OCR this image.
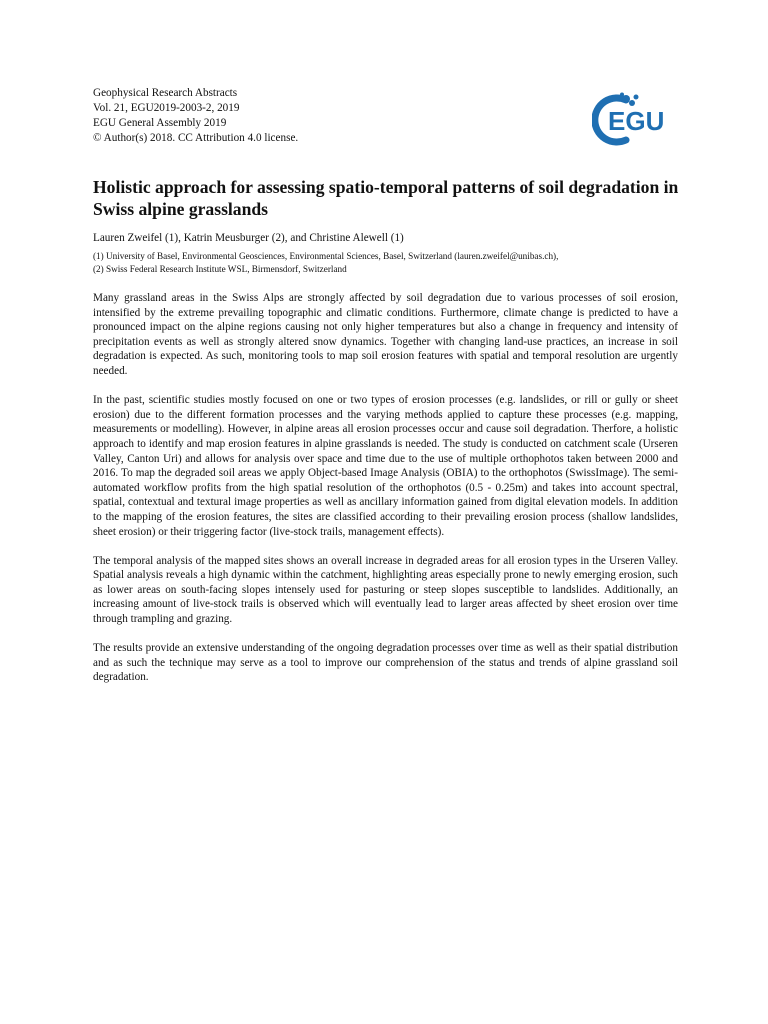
Geophysical Research Abstracts
Vol. 21, EGU2019-2003-2, 2019
EGU General Assembly 2019
© Author(s) 2018. CC Attribution 4.0 license.
EGU
Holistic approach for assessing spatio-temporal patterns of soil degradation in Swiss alpine grasslands
Lauren Zweifel (1), Katrin Meusburger (2), and Christine Alewell (1)
(1) University of Basel, Environmental Geosciences, Environmental Sciences, Basel, Switzerland (lauren.zweifel@unibas.ch),
(2) Swiss Federal Research Institute WSL, Birmensdorf, Switzerland

Many grassland areas in the Swiss Alps are strongly affected by soil degradation due to various processes of soil erosion, intensified by the extreme prevailing topographic and climatic conditions. Furthermore, climate change is predicted to have a pronounced impact on the alpine regions causing not only higher temperatures but also a change in frequency and intensity of precipitation events as well as strongly altered snow dynamics. Together with changing land-use practices, an increase in soil degradation is expected. As such, monitoring tools to map soil erosion features with spatial and temporal resolution are urgently needed.

In the past, scientific studies mostly focused on one or two types of erosion processes (e.g. landslides, or rill or gully or sheet erosion) due to the different formation processes and the varying methods applied to capture these processes (e.g. mapping, measurements or modelling). However, in alpine areas all erosion processes occur and cause soil degradation. Therfore, a holistic approach to identify and map erosion features in alpine grasslands is needed. The study is conducted on catchment scale (Urseren Valley, Canton Uri) and allows for analysis over space and time due to the use of multiple orthophotos taken between 2000 and 2016. To map the degraded soil areas we apply Object-based Image Analysis (OBIA) to the orthophotos (SwissImage). The semi-automated workflow profits from the high spatial resolution of the orthophotos (0.5 - 0.25m) and takes into account spectral, spatial, contextual and textural image properties as well as ancillary information gained from digital elevation models. In addition to the mapping of the erosion features, the sites are classified according to their prevailing erosion process (shallow landslides, sheet erosion) or their triggering factor (live-stock trails, management effects).

The temporal analysis of the mapped sites shows an overall increase in degraded areas for all erosion types in the Urseren Valley. Spatial analysis reveals a high dynamic within the catchment, highlighting areas especially prone to newly emerging erosion, such as lower areas on south-facing slopes intensely used for pasturing or steep slopes susceptible to landslides. Additionally, an increasing amount of live-stock trails is observed which will eventually lead to larger areas affected by sheet erosion over time through trampling and grazing.

The results provide an extensive understanding of the ongoing degradation processes over time as well as their spatial distribution and as such the technique may serve as a tool to improve our comprehension of the status and trends of alpine grassland soil degradation.
